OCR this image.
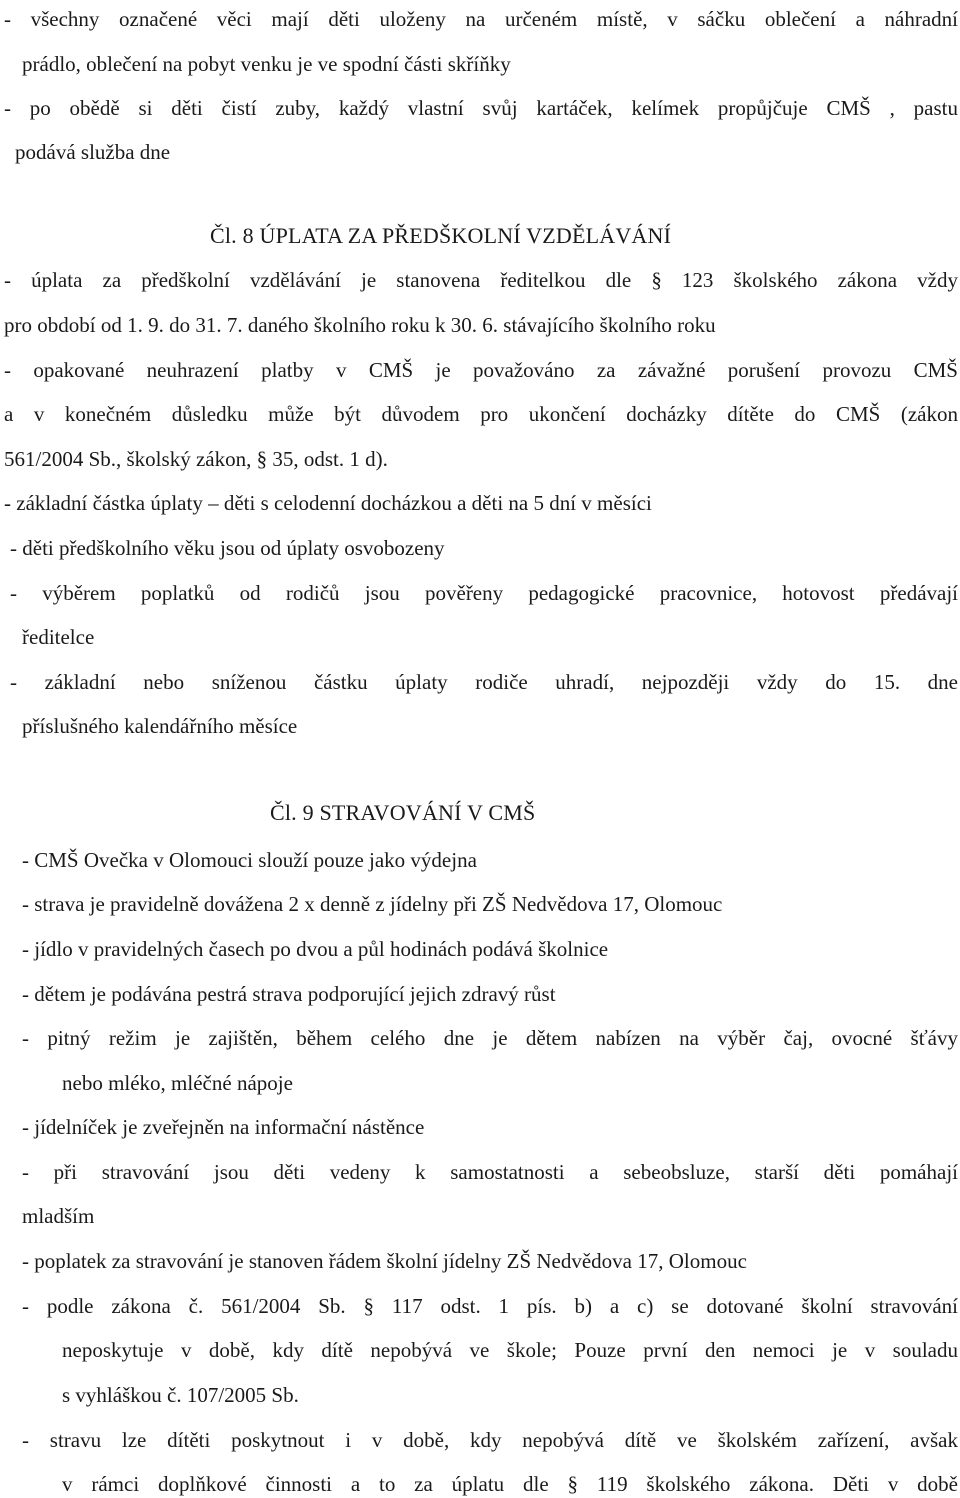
- všechny označené věci mají děti uloženy na určeném místě, v sáčku oblečení a náhradní
prádlo, oblečení na pobyt venku je ve spodní části skříňky
- po obědě si děti čistí zuby, každý vlastní svůj kartáček, kelímek propůjčuje CMŠ , pastu
podává služba dne
Čl. 8 ÚPLATA ZA PŘEDŠKOLNÍ VZDĚLÁVÁNÍ
- úplata za předškolní vzdělávání je stanovena ředitelkou dle § 123 školského zákona vždy
pro období od 1. 9. do 31. 7. daného školního roku k 30. 6. stávajícího školního roku
- opakované neuhrazení platby v CMŠ je považováno za závažné porušení provozu CMŠ
a v konečném důsledku může být důvodem pro ukončení docházky dítěte do CMŠ (zákon
561/2004 Sb., školský zákon, § 35, odst. 1 d).
- základní částka úplaty – děti s celodenní docházkou a děti na 5 dní v měsíci
- děti předškolního věku jsou od úplaty osvobozeny
- výběrem poplatků od rodičů jsou pověřeny pedagogické pracovnice, hotovost předávají
ředitelce
- základní nebo sníženou částku úplaty rodiče uhradí, nejpozději vždy do 15. dne
příslušného kalendářního měsíce
Čl. 9 STRAVOVÁNÍ V CMŠ
- CMŠ Ovečka v Olomouci slouží pouze jako výdejna
- strava je pravidelně dovážena 2 x denně z jídelny při ZŠ Nedvědova 17, Olomouc
- jídlo v pravidelných časech po dvou a půl hodinách podává školnice
- dětem je podávána pestrá strava podporující jejich zdravý růst
- pitný režim je zajištěn, během celého dne je dětem nabízen na výběr čaj, ovocné šťávy
nebo mléko, mléčné nápoje
- jídelníček je zveřejněn na informační nástěnce
- při stravování jsou děti vedeny k samostatnosti a sebeobsluze, starší děti pomáhají
mladším
- poplatek za stravování je stanoven řádem školní jídelny ZŠ Nedvědova 17, Olomouc
- podle zákona č. 561/2004 Sb. § 117 odst. 1 pís. b) a c) se dotované školní stravování
neposkytuje v době, kdy dítě nepobývá ve škole; Pouze první den nemoci je v souladu
s vyhláškou č. 107/2005 Sb.
- stravu lze dítěti poskytnout i v době, kdy nepobývá dítě ve školském zařízení, avšak
v rámci doplňkové činnosti a to za úplatu dle § 119 školského zákona. Děti v době
